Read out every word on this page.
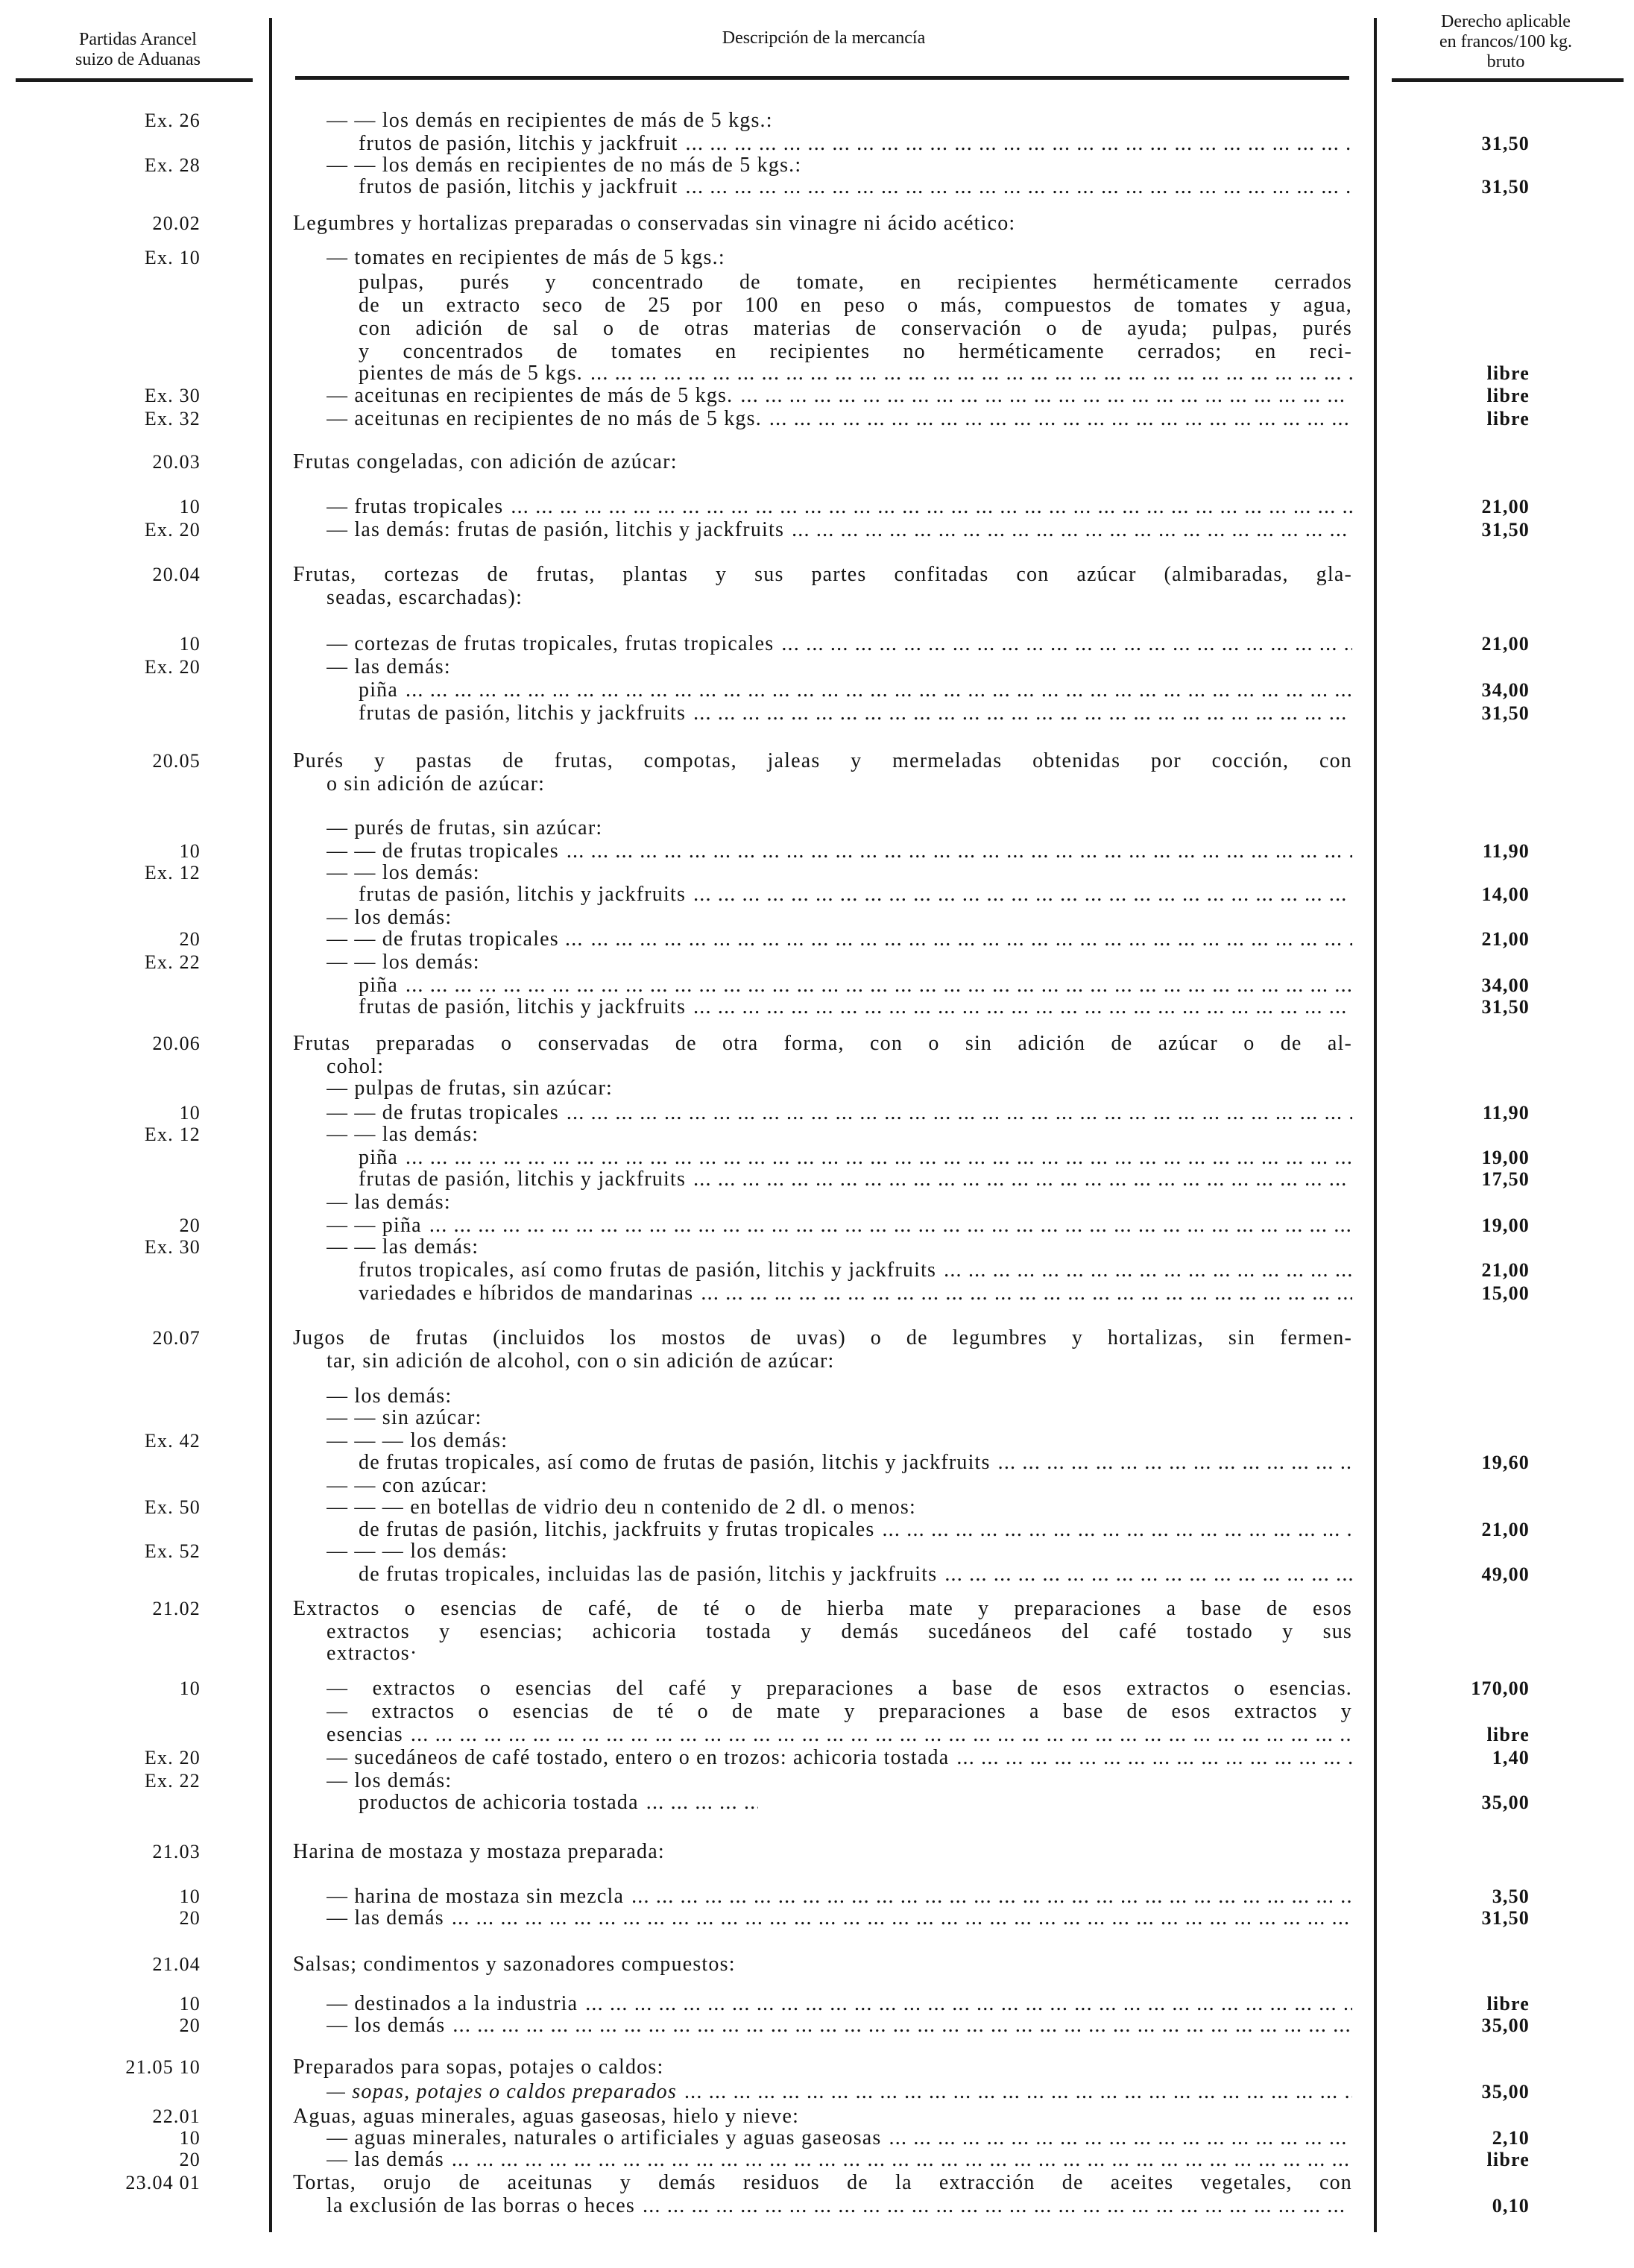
Partidas Arancel
suizo de Aduanas
Descripción de la mercancía
Derecho aplicable
en francos/100 kg.
bruto
Ex. 26	— — los demás en recipientes de más de 5 kgs.:
frutos de pasión, litchis y jackfruit ... .	31,50
Ex. 28	— — los demás en recipientes de no más de 5 kgs.:
frutos de pasión, litchis y jackfruit ... .	31,50
20.02	Legumbres y hortalizas preparadas o conservadas sin vinagre ni ácido acético:
Ex. 10	— tomates en recipientes de más de 5 kgs.:
pulpas, purés y concentrado de tomate, en recipientes herméticamente cerrados
de un extracto seco de 25 por 100 en peso o más, compuestos de tomates y agua,
con adición de sal o de otras materias de conservación o de ayuda; pulpas, purés
y concentrados de tomates en recipientes no herméticamente cerrados; en reci-
pientes de más de 5 kgs. ... .	libre
Ex. 30	— aceitunas en recipientes de más de 5 kgs. ... .	libre
Ex. 32	— aceitunas en recipientes de no más de 5 kgs. ... .	libre
20.03	Frutas congeladas, con adición de azúcar:
10	— frutas tropicales ... .	21,00
Ex. 20	— las demás: frutas de pasión, litchis y jackfruits ... .	31,50
20.04	Frutas, cortezas de frutas, plantas y sus partes confitadas con azúcar (almibaradas, gla-
seadas, escarchadas):
10	— cortezas de frutas tropicales, frutas tropicales ... .	21,00
Ex. 20	— las demás:
piña ... .	34,00
frutas de pasión, litchis y jackfruits ... .	31,50
20.05	Purés y pastas de frutas, compotas, jaleas y mermeladas obtenidas por cocción, con
o sin adición de azúcar:
— purés de frutas, sin azúcar:
10	— — de frutas tropicales ... .	11,90
Ex. 12	— — los demás:
frutas de pasión, litchis y jackfruits ... .	14,00
— los demás:
20	— — de frutas tropicales ... ... .	21,00
Ex. 22	— — los demás:
piña ... .	34,00
frutas de pasión, litchis y jackfruits ... .	31,50
20.06	Frutas preparadas o conservadas de otra forma, con o sin adición de azúcar o de al-
cohol:
— pulpas de frutas, sin azúcar:
10	— — de frutas tropicales ... .	11,90
Ex. 12	— — las demás:
piña ... .	19,00
frutas de pasión, litchis y jackfruits ... .	17,50
— las demás:
20	— — piña ... .	19,00
Ex. 30	— — las demás:
frutos tropicales, así como frutas de pasión, litchis y jackfruits ... .	21,00
variedades e híbridos de mandarinas ... .	15,00
20.07	Jugos de frutas (incluidos los mostos de uvas) o de legumbres y hortalizas, sin fermen-
tar, sin adición de alcohol, con o sin adición de azúcar:
— los demás:
— — sin azúcar:
Ex. 42	— — — los demás:
de frutas tropicales, así como de frutas de pasión, litchis y jackfruits ... .	19,60
— — con azúcar:
Ex. 50	— — — en botellas de vidrio deu n contenido de 2 dl. o menos:
de frutas de pasión, litchis, jackfruits y frutas tropicales ... .	21,00
Ex. 52	— — — los demás:
de frutas tropicales, incluidas las de pasión, litchis y jackfruits ... .	49,00
21.02	Extractos o esencias de café, de té o de hierba mate y preparaciones a base de esos
extractos y esencias; achicoria tostada y demás sucedáneos del café tostado y sus
extractos·
10	— extractos o esencias del café y preparaciones a base de esos extractos o esencias.	170,00
— extractos o esencias de té o de mate y preparaciones a base de esos extractos y
esencias ... .	libre
Ex. 20	— sucedáneos de café tostado, entero o en trozos: achicoria tostada ... .	1,40
Ex. 22	— los demás:
productos de achicoria tostada ... .	35,00
21.03	Harina de mostaza y mostaza preparada:
10	— harina de mostaza sin mezcla ... .	3,50
20	— las demás ... .	31,50
21.04	Salsas; condimentos y sazonadores compuestos:
10	— destinados a la industria ... .	libre
20	— los demás ... .	35,00
21.05 10	Preparados para sopas, potajes o caldos:
— sopas, potajes o caldos preparados ... .	35,00
22.01	Aguas, aguas minerales, aguas gaseosas, hielo y nieve:
10	— aguas minerales, naturales o artificiales y aguas gaseosas ... .	2,10
20	— las demás ... .	libre
23.04 01	Tortas, orujo de aceitunas y demás residuos de la extracción de aceites vegetales, con
la exclusión de las borras o heces ... .	0,10
